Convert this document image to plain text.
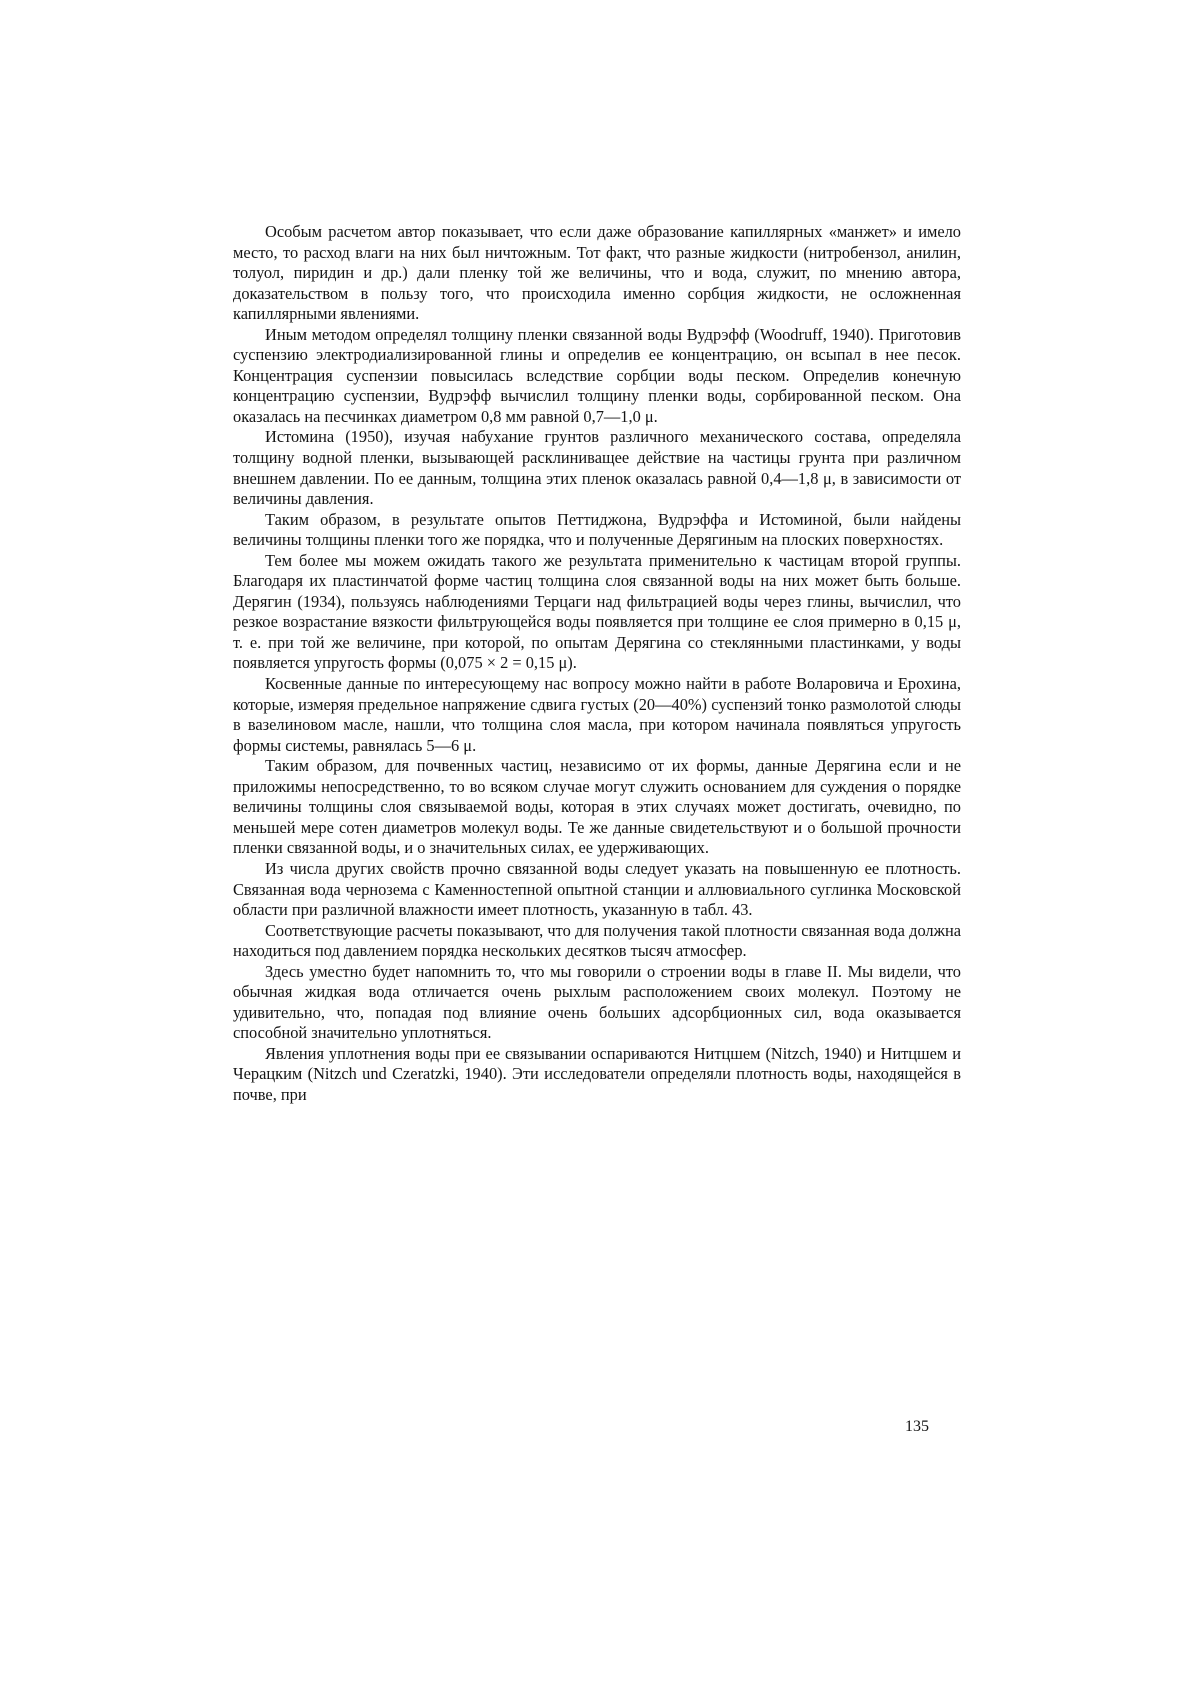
Особым расчетом автор показывает, что если даже образование капиллярных «манжет» и имело место, то расход влаги на них был ничтожным. Тот факт, что разные жидкости (нитробензол, анилин, толуол, пиридин и др.) дали пленку той же величины, что и вода, служит, по мнению автора, доказательством в пользу того, что происходила именно сорбция жидкости, не осложненная капиллярными явлениями.

Иным методом определял толщину пленки связанной воды Вудрэфф (Woodruff, 1940). Приготовив суспензию электродиализированной глины и определив ее концентрацию, он всыпал в нее песок. Концентрация суспензии повысилась вследствие сорбции воды песком. Определив конечную концентрацию суспензии, Вудрэфф вычислил толщину пленки воды, сорбированной песком. Она оказалась на песчинках диаметром 0,8 мм равной 0,7—1,0 μ.

Истомина (1950), изучая набухание грунтов различного механического состава, определяла толщину водной пленки, вызывающей расклиниващее действие на частицы грунта при различном внешнем давлении. По ее данным, толщина этих пленок оказалась равной 0,4—1,8 μ, в зависимости от величины давления.

Таким образом, в результате опытов Петтиджона, Вудрэффа и Истоминой, были найдены величины толщины пленки того же порядка, что и полученные Дерягиным на плоских поверхностях.

Тем более мы можем ожидать такого же результата применительно к частицам второй группы. Благодаря их пластинчатой форме частиц толщина слоя связанной воды на них может быть больше. Дерягин (1934), пользуясь наблюдениями Терцаги над фильтрацией воды через глины, вычислил, что резкое возрастание вязкости фильтрующейся воды появляется при толщине ее слоя примерно в 0,15 μ, т. е. при той же величине, при которой, по опытам Дерягина со стеклянными пластинками, у воды появляется упругость формы (0,075 × 2 = 0,15 μ).

Косвенные данные по интересующему нас вопросу можно найти в работе Воларовича и Ерохина, которые, измеряя предельное напряжение сдвига густых (20—40%) суспензий тонко размолотой слюды в вазелиновом масле, нашли, что толщина слоя масла, при котором начинала появляться упругость формы системы, равнялась 5—6 μ.

Таким образом, для почвенных частиц, независимо от их формы, данные Дерягина если и не приложимы непосредственно, то во всяком случае могут служить основанием для суждения о порядке величины толщины слоя связываемой воды, которая в этих случаях может достигать, очевидно, по меньшей мере сотен диаметров молекул воды. Те же данные свидетельствуют и о большой прочности пленки связанной воды, и о значительных силах, ее удерживающих.

Из числа других свойств прочно связанной воды следует указать на повышенную ее плотность. Связанная вода чернозема с Каменностепной опытной станции и аллювиального суглинка Московской области при различной влажности имеет плотность, указанную в табл. 43.

Соответствующие расчеты показывают, что для получения такой плотности связанная вода должна находиться под давлением порядка нескольких десятков тысяч атмосфер.

Здесь уместно будет напомнить то, что мы говорили о строении воды в главе II. Мы видели, что обычная жидкая вода отличается очень рыхлым расположением своих молекул. Поэтому не удивительно, что, попадая под влияние очень больших адсорбционных сил, вода оказывается способной значительно уплотняться.

Явления уплотнения воды при ее связывании оспариваются Нитцшем (Nitzch, 1940) и Нитцшем и Черацким (Nitzch und Czeratzki, 1940). Эти исследователи определяли плотность воды, находящейся в почве, при

135
